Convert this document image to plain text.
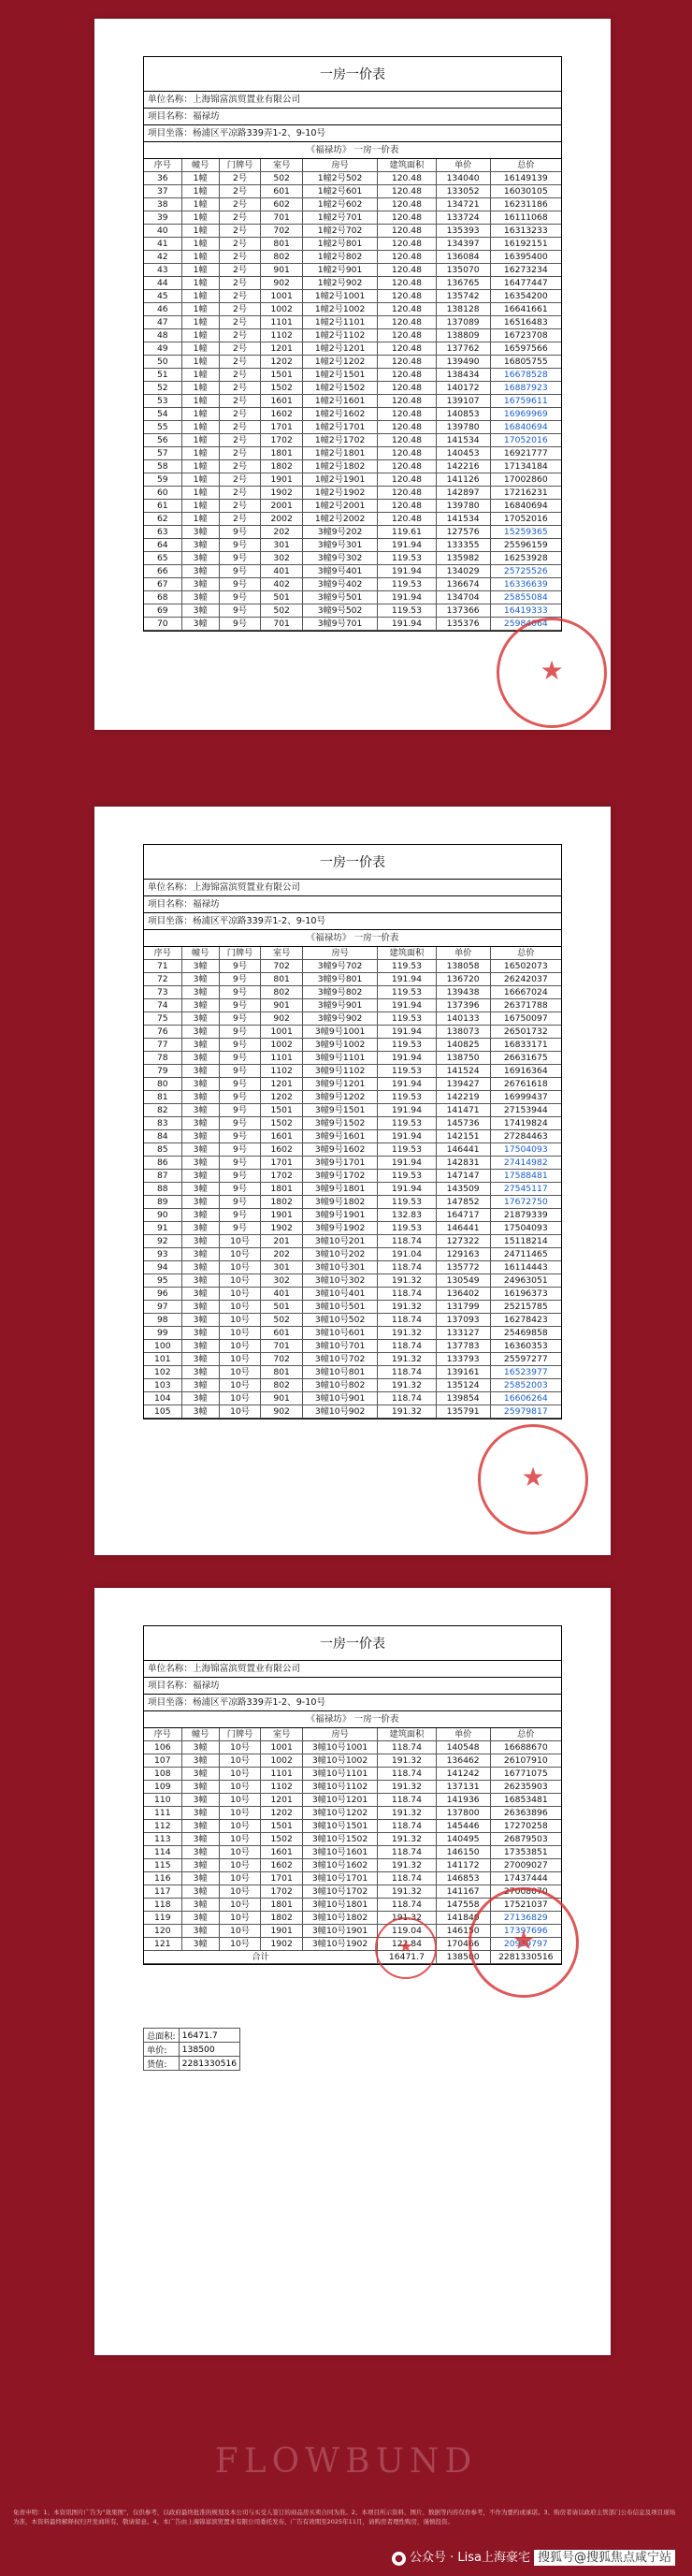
一房一价表
单位名称：上海锦富滨贸置业有限公司
项目名称：福禄坊
项目坐落：杨浦区平凉路339弄1-2、9-10号
《福禄坊》 一房一价表
序号	幢号	门牌号	室号	房号	建筑面积	单价	总价
36	1幢	2号	502	1幢2号502	120.48	134040	16149139
37	1幢	2号	601	1幢2号601	120.48	133052	16030105
38	1幢	2号	602	1幢2号602	120.48	134721	16231186
39	1幢	2号	701	1幢2号701	120.48	133724	16111068
40	1幢	2号	702	1幢2号702	120.48	135393	16313233
41	1幢	2号	801	1幢2号801	120.48	134397	16192151
42	1幢	2号	802	1幢2号802	120.48	136084	16395400
43	1幢	2号	901	1幢2号901	120.48	135070	16273234
44	1幢	2号	902	1幢2号902	120.48	136765	16477447
45	1幢	2号	1001	1幢2号1001	120.48	135742	16354200
46	1幢	2号	1002	1幢2号1002	120.48	138128	16641661
47	1幢	2号	1101	1幢2号1101	120.48	137089	16516483
48	1幢	2号	1102	1幢2号1102	120.48	138809	16723708
49	1幢	2号	1201	1幢2号1201	120.48	137762	16597566
50	1幢	2号	1202	1幢2号1202	120.48	139490	16805755
51	1幢	2号	1501	1幢2号1501	120.48	138434	16678528
52	1幢	2号	1502	1幢2号1502	120.48	140172	16887923
53	1幢	2号	1601	1幢2号1601	120.48	139107	16759611
54	1幢	2号	1602	1幢2号1602	120.48	140853	16969969
55	1幢	2号	1701	1幢2号1701	120.48	139780	16840694
56	1幢	2号	1702	1幢2号1702	120.48	141534	17052016
57	1幢	2号	1801	1幢2号1801	120.48	140453	16921777
58	1幢	2号	1802	1幢2号1802	120.48	142216	17134184
59	1幢	2号	1901	1幢2号1901	120.48	141126	17002860
60	1幢	2号	1902	1幢2号1902	120.48	142897	17216231
61	1幢	2号	2001	1幢2号2001	120.48	139780	16840694
62	1幢	2号	2002	1幢2号2002	120.48	141534	17052016
63	3幢	9号	202	3幢9号202	119.61	127576	15259365
64	3幢	9号	301	3幢9号301	191.94	133355	25596159
65	3幢	9号	302	3幢9号302	119.53	135982	16253928
66	3幢	9号	401	3幢9号401	191.94	134029	25725526
67	3幢	9号	402	3幢9号402	119.53	136674	16336639
68	3幢	9号	501	3幢9号501	191.94	134704	25855084
69	3幢	9号	502	3幢9号502	119.53	137366	16419333
70	3幢	9号	701	3幢9号701	191.94	135376	25984064
★
一房一价表
单位名称：上海锦富滨贸置业有限公司
项目名称：福禄坊
项目坐落：杨浦区平凉路339弄1-2、9-10号
《福禄坊》 一房一价表
序号	幢号	门牌号	室号	房号	建筑面积	单价	总价
71	3幢	9号	702	3幢9号702	119.53	138058	16502073
72	3幢	9号	801	3幢9号801	191.94	136720	26242037
73	3幢	9号	802	3幢9号802	119.53	139438	16667024
74	3幢	9号	901	3幢9号901	191.94	137396	26371788
75	3幢	9号	902	3幢9号902	119.53	140133	16750097
76	3幢	9号	1001	3幢9号1001	191.94	138073	26501732
77	3幢	9号	1002	3幢9号1002	119.53	140825	16833171
78	3幢	9号	1101	3幢9号1101	191.94	138750	26631675
79	3幢	9号	1102	3幢9号1102	119.53	141524	16916364
80	3幢	9号	1201	3幢9号1201	191.94	139427	26761618
81	3幢	9号	1202	3幢9号1202	119.53	142219	16999437
82	3幢	9号	1501	3幢9号1501	191.94	141471	27153944
83	3幢	9号	1502	3幢9号1502	119.53	145736	17419824
84	3幢	9号	1601	3幢9号1601	191.94	142151	27284463
85	3幢	9号	1602	3幢9号1602	119.53	146441	17504093
86	3幢	9号	1701	3幢9号1701	191.94	142831	27414982
87	3幢	9号	1702	3幢9号1702	119.53	147147	17588481
88	3幢	9号	1801	3幢9号1801	191.94	143509	27545117
89	3幢	9号	1802	3幢9号1802	119.53	147852	17672750
90	3幢	9号	1901	3幢9号1901	132.83	164717	21879339
91	3幢	9号	1902	3幢9号1902	119.53	146441	17504093
92	3幢	10号	201	3幢10号201	118.74	127322	15118214
93	3幢	10号	202	3幢10号202	191.04	129163	24711465
94	3幢	10号	301	3幢10号301	118.74	135772	16114443
95	3幢	10号	302	3幢10号302	191.32	130549	24963051
96	3幢	10号	401	3幢10号401	118.74	136402	16196373
97	3幢	10号	501	3幢10号501	191.32	131799	25215785
98	3幢	10号	502	3幢10号502	118.74	137093	16278423
99	3幢	10号	601	3幢10号601	191.32	133127	25469858
100	3幢	10号	701	3幢10号701	118.74	137783	16360353
101	3幢	10号	702	3幢10号702	191.32	133793	25597277
102	3幢	10号	801	3幢10号801	118.74	139161	16523977
103	3幢	10号	802	3幢10号802	191.32	135124	25852003
104	3幢	10号	901	3幢10号901	118.74	139854	16606264
105	3幢	10号	902	3幢10号902	191.32	135791	25979817
★
一房一价表
单位名称：上海锦富滨贸置业有限公司
项目名称：福禄坊
项目坐落：杨浦区平凉路339弄1-2、9-10号
《福禄坊》 一房一价表
序号	幢号	门牌号	室号	房号	建筑面积	单价	总价
106	3幢	10号	1001	3幢10号1001	118.74	140548	16688670
107	3幢	10号	1002	3幢10号1002	191.32	136462	26107910
108	3幢	10号	1101	3幢10号1101	118.74	141242	16771075
109	3幢	10号	1102	3幢10号1102	191.32	137131	26235903
110	3幢	10号	1201	3幢10号1201	118.74	141936	16853481
111	3幢	10号	1202	3幢10号1202	191.32	137800	26363896
112	3幢	10号	1501	3幢10号1501	118.74	145446	17270258
113	3幢	10号	1502	3幢10号1502	191.32	140495	26879503
114	3幢	10号	1601	3幢10号1601	118.74	146150	17353851
115	3幢	10号	1602	3幢10号1602	191.32	141172	27009027
116	3幢	10号	1701	3幢10号1701	118.74	146853	17437444
117	3幢	10号	1702	3幢10号1702	191.32	141167	27008070
118	3幢	10号	1801	3幢10号1801	118.74	147558	17521037
119	3幢	10号	1802	3幢10号1802	191.32	141840	27136829
120	3幢	10号	1901	3幢10号1901	119.04	146150	17397696
121	3幢	10号	1902	3幢10号1902	122.84	170466	20939797
合计					16471.7	138500	2281330516
总面积:	16471.7
单价:	138500
货值:	2281330516
★
★
FLOWBUND
免责申明：1、本资讯图片广告为“效果图”，仅供参考，以政府最终批准的规划及本公司与买受人签订的商品房买卖合同为准。2、本项目所示资料、图片、数据等内容仅作参考，不作为要约或承诺。3、购房者请以政府主管部门公布信息及项目现场为准，本资料最终解释权归开发商所有，敬请留意。4、本广告由上海锦富滨贸置业有限公司委托发布，广告有效期至2025年11月，请购房者理性购房，谨慎投资。
● 公众号 · Lisa上海豪宅 搜狐号@搜狐焦点咸宁站
